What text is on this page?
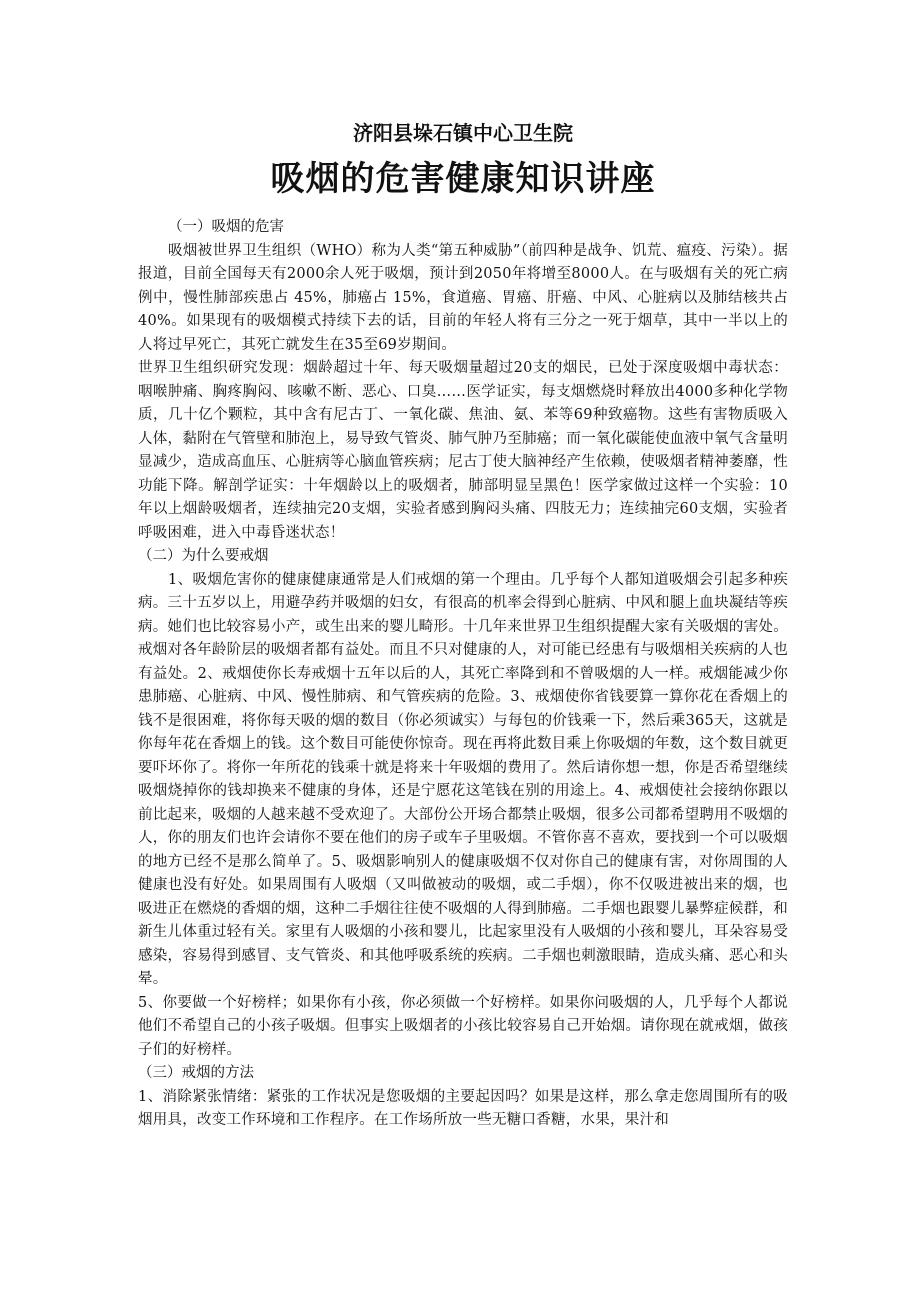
济阳县垛石镇中心卫生院
吸烟的危害健康知识讲座
（一）吸烟的危害

吸烟被世界卫生组织（WHO）称为人类“第五种威胁”（前四种是战争、饥荒、瘟疫、污染）。据报道，目前全国每天有2000余人死于吸烟，预计到2050年将增至8000人。在与吸烟有关的死亡病例中，慢性肺部疾患占 45%，肺癌占 15%，食道癌、胃癌、肝癌、中风、心脏病以及肺结核共占40%。如果现有的吸烟模式持续下去的话，目前的年轻人将有三分之一死于烟草，其中一半以上的人将过早死亡，其死亡就发生在35至69岁期间。

世界卫生组织研究发现：烟龄超过十年、每天吸烟量超过20支的烟民，已处于深度吸烟中毒状态：咽喉肿痛、胸疼胸闷、咳嗽不断、恶心、口臭……医学证实，每支烟燃烧时释放出4000多种化学物质，几十亿个颗粒，其中含有尼古丁、一氧化碳、焦油、氨、苯等69种致癌物。这些有害物质吸入人体，黏附在气管壁和肺泡上，易导致气管炎、肺气肿乃至肺癌；而一氧化碳能使血液中氧气含量明显减少，造成高血压、心脏病等心脑血管疾病；尼古丁使大脑神经产生依赖，使吸烟者精神萎靡，性功能下降。解剖学证实：十年烟龄以上的吸烟者，肺部明显呈黑色！医学家做过这样一个实验：10年以上烟龄吸烟者，连续抽完20支烟，实验者感到胸闷头痛、四肢无力；连续抽完60支烟，实验者呼吸困难，进入中毒昏迷状态！

（二）为什么要戒烟

1、吸烟危害你的健康健康通常是人们戒烟的第一个理由。几乎每个人都知道吸烟会引起多种疾病。三十五岁以上，用避孕药并吸烟的妇女，有很高的机率会得到心脏病、中风和腿上血块凝结等疾病。她们也比较容易小产，或生出来的婴儿畸形。十几年来世界卫生组织提醒大家有关吸烟的害处。戒烟对各年龄阶层的吸烟者都有益处。而且不只对健康的人，对可能已经患有与吸烟相关疾病的人也有益处。2、戒烟使你长寿戒烟十五年以后的人，其死亡率降到和不曾吸烟的人一样。戒烟能减少你患肺癌、心脏病、中风、慢性肺病、和气管疾病的危险。3、戒烟使你省钱要算一算你花在香烟上的钱不是很困难，将你每天吸的烟的数目（你必须诚实）与每包的价钱乘一下，然后乘365天，这就是你每年花在香烟上的钱。这个数目可能使你惊奇。现在再将此数目乘上你吸烟的年数，这个数目就更要吓坏你了。将你一年所花的钱乘十就是将来十年吸烟的费用了。然后请你想一想，你是否希望继续吸烟烧掉你的钱却换来不健康的身体，还是宁愿花这笔钱在别的用途上。4、戒烟使社会接纳你跟以前比起来，吸烟的人越来越不受欢迎了。大部份公开场合都禁止吸烟，很多公司都希望聘用不吸烟的人，你的朋友们也许会请你不要在他们的房子或车子里吸烟。不管你喜不喜欢，要找到一个可以吸烟的地方已经不是那么简单了。5、吸烟影响别人的健康吸烟不仅对你自己的健康有害，对你周围的人健康也没有好处。如果周围有人吸烟（又叫做被动的吸烟，或二手烟），你不仅吸进被出来的烟，也吸进正在燃烧的香烟的烟，这种二手烟往往使不吸烟的人得到肺癌。二手烟也跟婴儿暴弊症候群，和新生儿体重过轻有关。家里有人吸烟的小孩和婴儿，比起家里没有人吸烟的小孩和婴儿，耳朵容易受感染，容易得到感冒、支气管炎、和其他呼吸系统的疾病。二手烟也刺激眼睛，造成头痛、恶心和头晕。

5、你要做一个好榜样；如果你有小孩，你必须做一个好榜样。如果你问吸烟的人，几乎每个人都说他们不希望自己的小孩子吸烟。但事实上吸烟者的小孩比较容易自己开始烟。请你现在就戒烟，做孩子们的好榜样。

（三）戒烟的方法

1、消除紧张情绪：紧张的工作状况是您吸烟的主要起因吗？如果是这样，那么拿走您周围所有的吸烟用具，改变工作环境和工作程序。在工作场所放一些无糖口香糖，水果，果汁和
